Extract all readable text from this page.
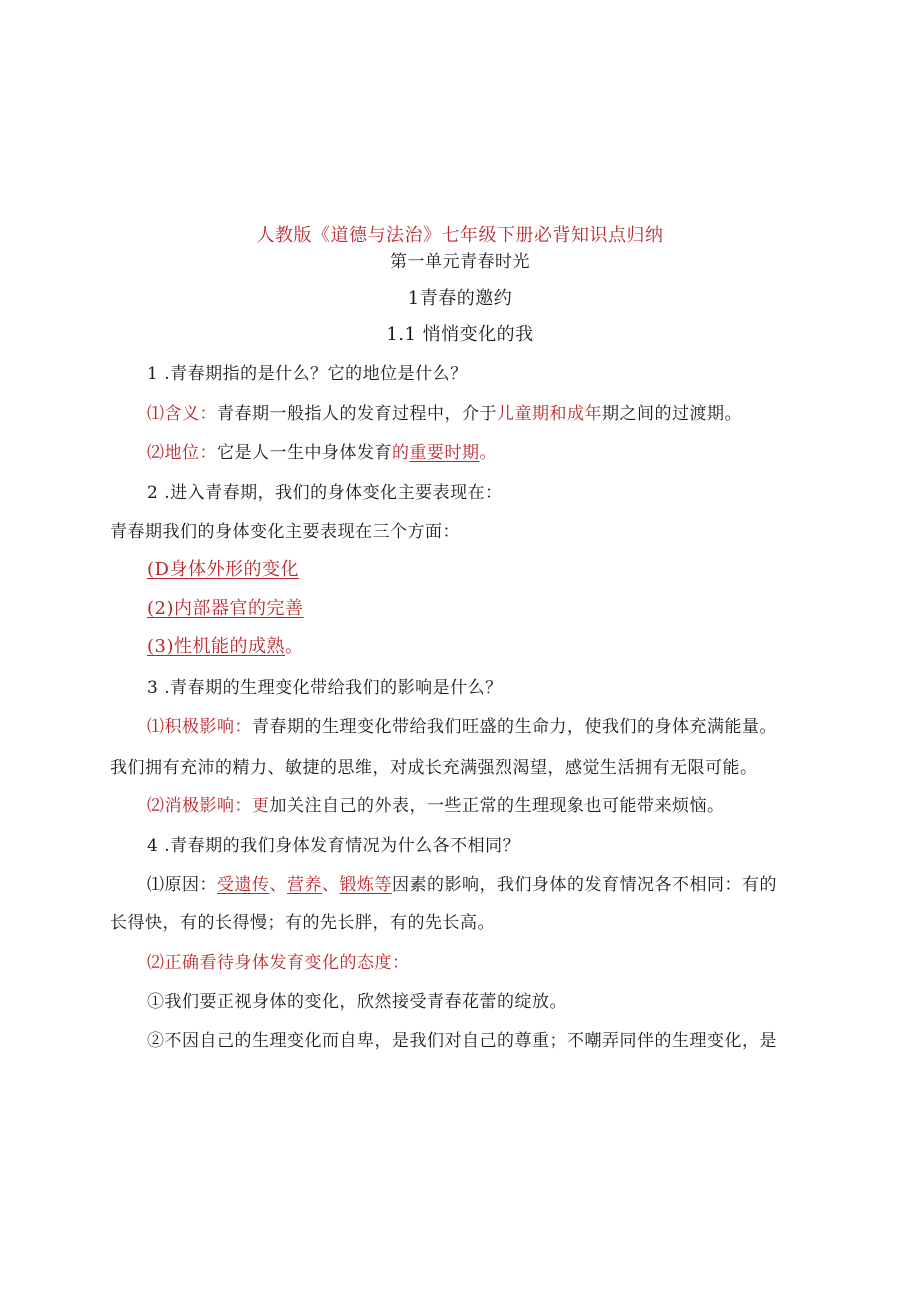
人教版《道德与法治》七年级下册必背知识点归纳
第一单元青春时光
1青春的邀约
1.1 悄悄变化的我
1 .青春期指的是什么？它的地位是什么？
⑴含义：青春期一般指人的发育过程中，介于儿童期和成年期之间的过渡期。
⑵地位：它是人一生中身体发育的重要时期。
2 .进入青春期，我们的身体变化主要表现在：
青春期我们的身体变化主要表现在三个方面：
(D身体外形的变化
(2)内部器官的完善
(3)性机能的成熟。
3 .青春期的生理变化带给我们的影响是什么？
⑴积极影响：青春期的生理变化带给我们旺盛的生命力，使我们的身体充满能量。
我们拥有充沛的精力、敏捷的思维，对成长充满强烈渴望，感觉生活拥有无限可能。
⑵消极影响：更加关注自己的外表，一些正常的生理现象也可能带来烦恼。
4 .青春期的我们身体发育情况为什么各不相同？
⑴原因：受遗传、营养、锻炼等因素的影响，我们身体的发育情况各不相同：有的
长得快，有的长得慢；有的先长胖，有的先长高。
⑵正确看待身体发育变化的态度：
①我们要正视身体的变化，欣然接受青春花蕾的绽放。
②不因自己的生理变化而自卑，是我们对自己的尊重；不嘲弄同伴的生理变化，是
